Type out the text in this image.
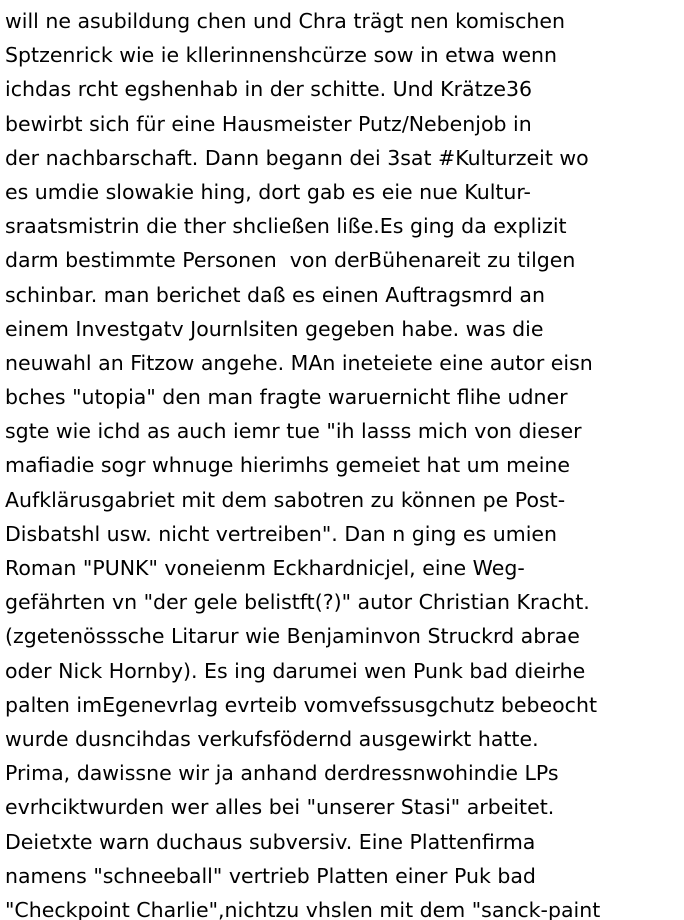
will ne asubildung chen und Chra trägt nen komischen
Sptzenrick wie ie kllerinnenshcürze sow in etwa wenn
ichdas rcht egshenhab in der schitte. Und Krätze36
bewirbt sich für eine Hausmeister Putz/Nebenjob in
der nachbarschaft. Dann begann dei 3sat #Kulturzeit wo
es umdie slowakie hing, dort gab es eie nue Kultur-
sraatsmistrin die ther shcließen liße.Es ging da explizit
darm bestimmte Personen  von derBühenareit zu tilgen
schinbar. man berichet daß es einen Auftragsmrd an
einem Investgatv Journlsiten gegeben habe. was die
neuwahl an Fitzow angehe. MAn ineteiete eine autor eisn
bches "utopia" den man fragte waruernicht flihe udner
sgte wie ichd as auch iemr tue "ih lasss mich von dieser
mafiadie sogr whnuge hierimhs gemeiet hat um meine
Aufklärusgabriet mit dem sabotren zu können pe Post-
Disbatshl usw. nicht vertreiben". Dan n ging es umien
Roman "PUNK" voneienm Eckhardnicjel, eine Weg-
gefährten vn "der gele belistft(?)" autor Christian Kracht.
(zgetenösssche Litarur wie Benjaminvon Struckrd abrae
oder Nick Hornby). Es ing darumei wen Punk bad dieirhe
palten imEgenevrlag evrteib vomvefssusgchutz bebeocht
wurde dusncihdas verkufsfödernd ausgewirkt hatte.
Prima, dawissne wir ja anhand derdressnwohindie LPs
evrhciktwurden wer alles bei "unserer Stasi" arbeitet.
Deietxte warn duchaus subversiv. Eine Plattenfirma
namens "schneeball" vertrieb Platten einer Puk bad
"Checkpoint Charlie",nichtzu vhslen mit dem "sanck-paint
